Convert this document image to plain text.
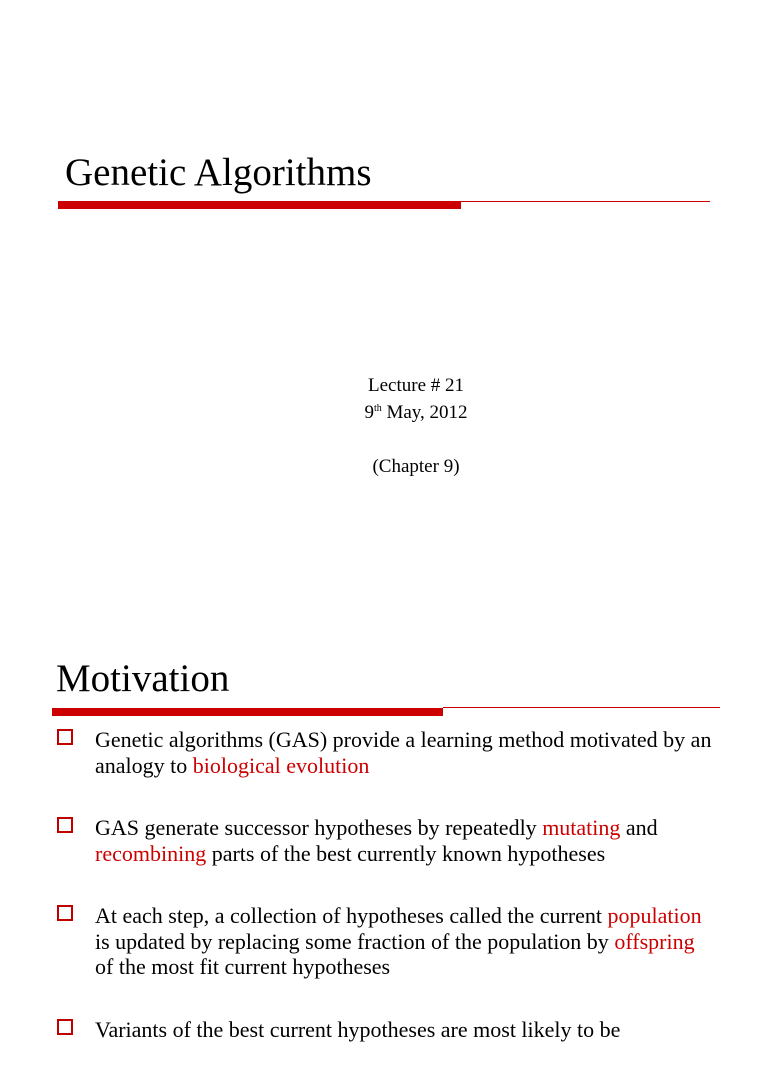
Genetic Algorithms
Lecture # 21
9th May, 2012
(Chapter 9)
Motivation
Genetic algorithms (GAS) provide a learning method motivated by an analogy to biological evolution
GAS generate successor hypotheses by repeatedly mutating and recombining parts of the best currently known hypotheses
At each step, a collection of hypotheses called the current population is updated by replacing some fraction of the population by offspring of the most fit current hypotheses
Variants of the best current hypotheses are most likely to be
